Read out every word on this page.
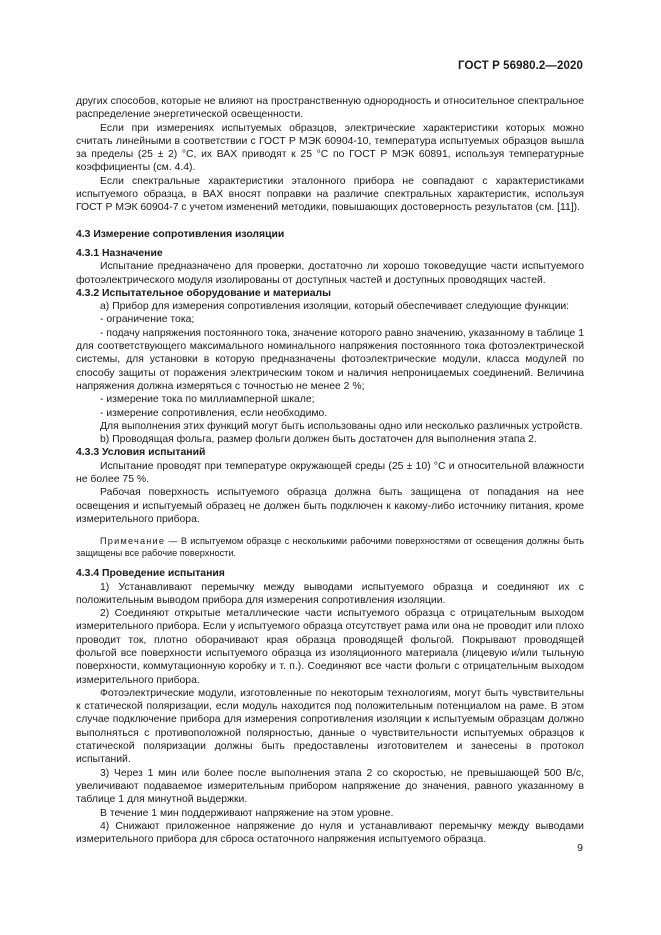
ГОСТ Р 56980.2—2020

других способов, которые не влияют на пространственную однородность и относительное спектральное распределение энергетической освещенности.

Если при измерениях испытуемых образцов, электрические характеристики которых можно считать линейными в соответствии с ГОСТ Р МЭК 60904-10, температура испытуемых образцов вышла за пределы (25 ± 2) °С, их ВАХ приводят к 25 °С по ГОСТ Р МЭК 60891, используя температурные коэффициенты (см. 4.4).

Если спектральные характеристики эталонного прибора не совпадают с характеристиками испытуемого образца, в ВАХ вносят поправки на различие спектральных характеристик, используя ГОСТ Р МЭК 60904-7 с учетом изменений методики, повышающих достоверность результатов (см. [11]).

4.3 Измерение сопротивления изоляции

4.3.1 Назначение

Испытание предназначено для проверки, достаточно ли хорошо токоведущие части испытуемого фотоэлектрического модуля изолированы от доступных частей и доступных проводящих частей.

4.3.2 Испытательное оборудование и материалы

а) Прибор для измерения сопротивления изоляции, который обеспечивает следующие функции:

- ограничение тока;

- подачу напряжения постоянного тока, значение которого равно значению, указанному в таблице 1 для соответствующего максимального номинального напряжения постоянного тока фотоэлектрической системы, для установки в которую предназначены фотоэлектрические модули, класса модулей по способу защиты от поражения электрическим током и наличия непроницаемых соединений. Величина напряжения должна измеряться с точностью не менее 2 %;

- измерение тока по миллиамперной шкале;

- измерение сопротивления, если необходимо.

Для выполнения этих функций могут быть использованы одно или несколько различных устройств.

b) Проводящая фольга, размер фольги должен быть достаточен для выполнения этапа 2.

4.3.3 Условия испытаний

Испытание проводят при температуре окружающей среды (25 ± 10) °С и относительной влажности не более 75 %.

Рабочая поверхность испытуемого образца должна быть защищена от попадания на нее освещения и испытуемый образец не должен быть подключен к какому-либо источнику питания, кроме измерительного прибора.

Примечание — В испытуемом образце с несколькими рабочими поверхностями от освещения должны быть защищены все рабочие поверхности.

4.3.4 Проведение испытания

1) Устанавливают перемычку между выводами испытуемого образца и соединяют их с положительным выводом прибора для измерения сопротивления изоляции.

2) Соединяют открытые металлические части испытуемого образца с отрицательным выходом измерительного прибора. Если у испытуемого образца отсутствует рама или она не проводит или плохо проводит ток, плотно оборачивают края образца проводящей фольгой. Покрывают проводящей фольгой все поверхности испытуемого образца из изоляционного материала (лицевую и/или тыльную поверхности, коммутационную коробку и т. п.). Соединяют все части фольги с отрицательным выходом измерительного прибора.

Фотоэлектрические модули, изготовленные по некоторым технологиям, могут быть чувствительны к статической поляризации, если модуль находится под положительным потенциалом на раме. В этом случае подключение прибора для измерения сопротивления изоляции к испытуемым образцам должно выполняться с противоположной полярностью, данные о чувствительности испытуемых образцов к статической поляризации должны быть предоставлены изготовителем и занесены в протокол испытаний.

3) Через 1 мин или более после выполнения этапа 2 со скоростью, не превышающей 500 В/с, увеличивают подаваемое измерительным прибором напряжение до значения, равного указанному в таблице 1 для минутной выдержки.

В течение 1 мин поддерживают напряжение на этом уровне.

4) Снижают приложенное напряжение до нуля и устанавливают перемычку между выводами измерительного прибора для сброса остаточного напряжения испытуемого образца.

9
